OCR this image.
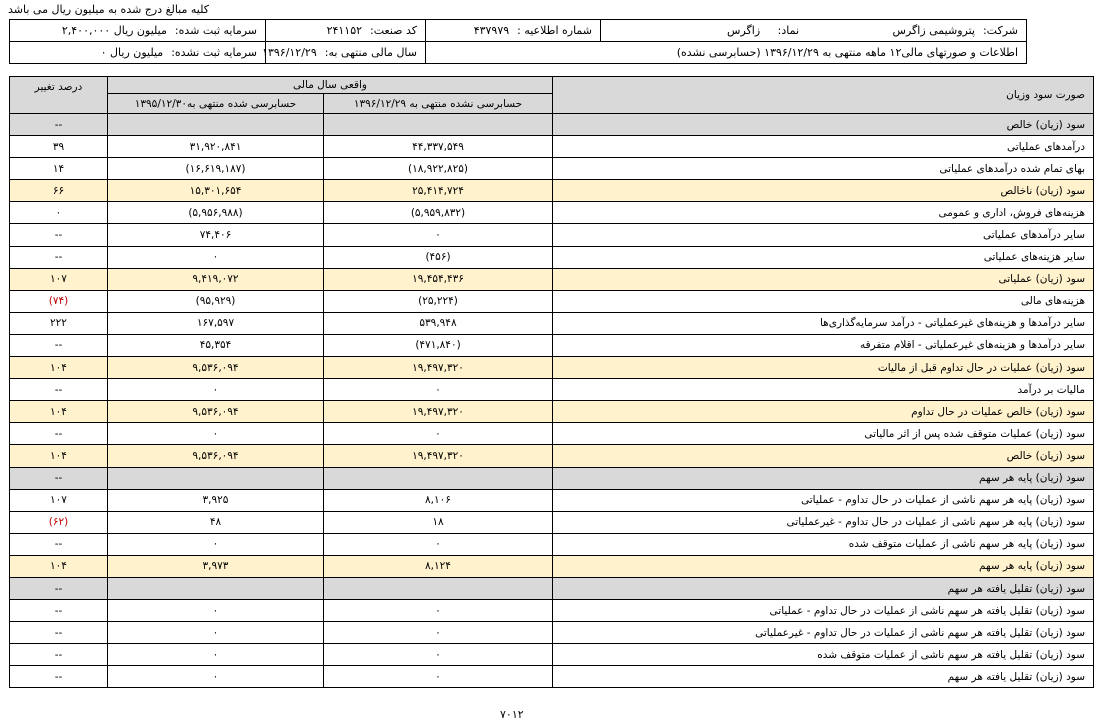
کلیه مبالغ درج شده به میلیون ریال می باشد
شرکت:پتروشیمی زاگرس نماد: زاگرس	شماره اطلاعیه :۴۳۷۹۷۹	کد صنعت:۲۴۱۱۵۲	سرمایه ثبت شده:۲,۴۰۰,۰۰۰ میلیون ریال
اطلاعات و صورتهای مالی۱۲ ماهه منتهی به ۱۳۹۶/۱۲/۲۹ (حسابرسی نشده)		سال مالی منتهی به:۱۳۹۶/۱۲/۲۹	سرمایه ثبت نشده:۰ میلیون ریال
صورت سود وزیان	واقعی سال مالی		درصد تغییر
	حسابرسی نشده منتهی به ۱۳۹۶/۱۲/۲۹	حسابرسی شده منتهی به۱۳۹۵/۱۲/۳۰	
سود (زیان) خالص			--
درآمدهای عملیاتی	۴۴,۳۳۷,۵۴۹	۳۱,۹۲۰,۸۴۱	۳۹
بهای تمام شده درآمدهای عملیاتی	(۱۸,۹۲۲,۸۲۵)	(۱۶,۶۱۹,۱۸۷)	۱۴
سود (زیان) ناخالص	۲۵,۴۱۴,۷۲۴	۱۵,۳۰۱,۶۵۴	۶۶
هزینه‌های فروش، اداری و عمومی	(۵,۹۵۹,۸۳۲)	(۵,۹۵۶,۹۸۸)	۰
سایر درآمدهای عملیاتی	۰	۷۴,۴۰۶	--
سایر هزینه‌های عملیاتی	(۴۵۶)	۰	--
سود (زیان) عملیاتی	۱۹,۴۵۴,۴۳۶	۹,۴۱۹,۰۷۲	۱۰۷
هزینه‌های مالی	(۲۵,۲۲۴)	(۹۵,۹۲۹)	(۷۴)
سایر درآمدها و هزینه‌های غیرعملیاتی - درآمد سرمایه‌گذاری‌ها	۵۳۹,۹۴۸	۱۶۷,۵۹۷	۲۲۲
سایر درآمدها و هزینه‌های غیرعملیاتی - اقلام متفرقه	(۴۷۱,۸۴۰)	۴۵,۳۵۴	--
سود (زیان) عملیات در حال تداوم قبل از مالیات	۱۹,۴۹۷,۳۲۰	۹,۵۳۶,۰۹۴	۱۰۴
مالیات بر درآمد	۰	۰	--
سود (زیان) خالص عملیات در حال تداوم	۱۹,۴۹۷,۳۲۰	۹,۵۳۶,۰۹۴	۱۰۴
سود (زیان) عملیات متوقف شده پس از اثر مالیاتی	۰	۰	--
سود (زیان) خالص	۱۹,۴۹۷,۳۲۰	۹,۵۳۶,۰۹۴	۱۰۴
سود (زیان) پایه هر سهم			--
سود (زیان) پایه هر سهم ناشی از عملیات در حال تداوم - عملیاتی	۸,۱۰۶	۳,۹۲۵	۱۰۷
سود (زیان) پایه هر سهم ناشی از عملیات در حال تداوم - غیرعملیاتی	۱۸	۴۸	(۶۲)
سود (زیان) پایه هر سهم ناشی از عملیات متوقف شده	۰	۰	--
سود (زیان) پایه هر سهم	۸,۱۲۴	۳,۹۷۳	۱۰۴
سود (زیان) تقلیل یافته هر سهم			--
سود (زیان) تقلیل یافته هر سهم ناشی از عملیات در حال تداوم - عملیاتی	۰	۰	--
سود (زیان) تقلیل یافته هر سهم ناشی از عملیات در حال تداوم - غیرعملیاتی	۰	۰	--
سود (زیان) تقلیل یافته هر سهم ناشی از عملیات متوقف شده	۰	۰	--
سود (زیان) تقلیل یافته هر سهم	۰	۰	--
۷۰۱۲
